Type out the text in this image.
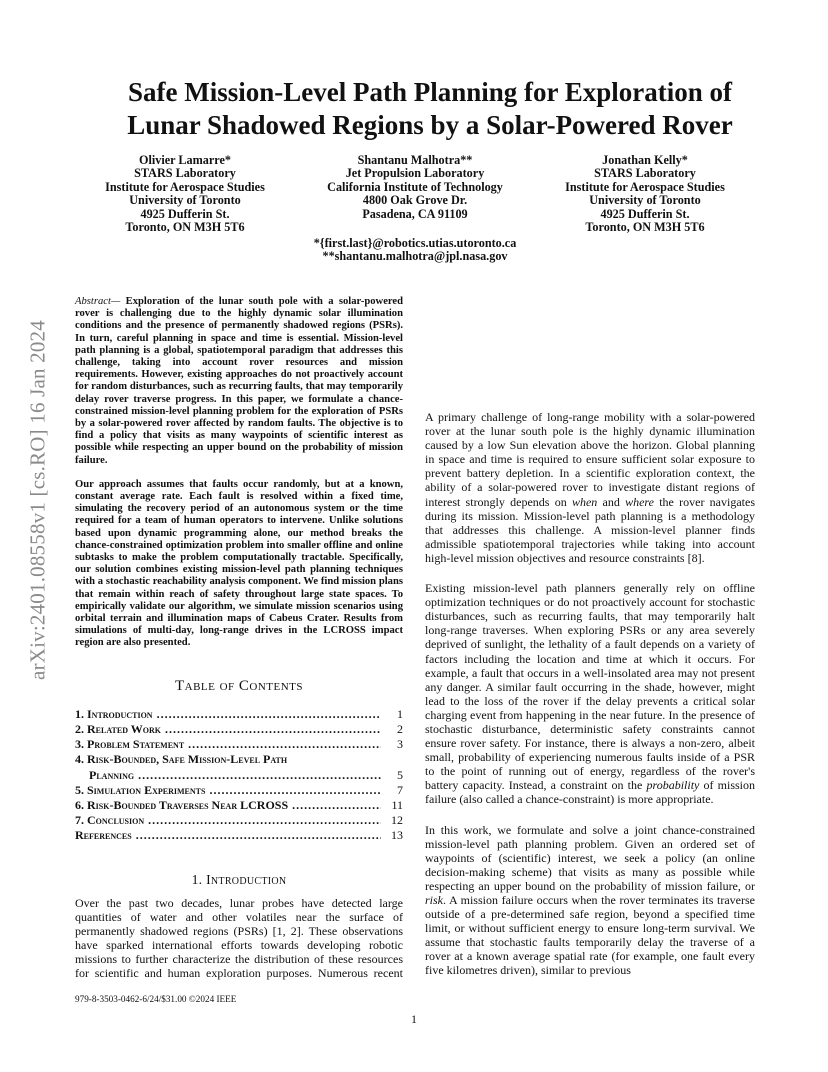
arXiv:2401.08558v1 [cs.RO] 16 Jan 2024
Safe Mission-Level Path Planning for Exploration of
Lunar Shadowed Regions by a Solar-Powered Rover
Olivier Lamarre*
STARS Laboratory
Institute for Aerospace Studies
University of Toronto
4925 Dufferin St.
Toronto, ON M3H 5T6
Shantanu Malhotra**
Jet Propulsion Laboratory
California Institute of Technology
4800 Oak Grove Dr.
Pasadena, CA 91109
Jonathan Kelly*
STARS Laboratory
Institute for Aerospace Studies
University of Toronto
4925 Dufferin St.
Toronto, ON M3H 5T6
*{first.last}@robotics.utias.utoronto.ca
**shantanu.malhotra@jpl.nasa.gov

Abstract— Exploration of the lunar south pole with a solar-powered rover is challenging due to the highly dynamic solar illumination conditions and the presence of permanently shadowed regions (PSRs). In turn, careful planning in space and time is essential. Mission-level path planning is a global, spatiotemporal paradigm that addresses this challenge, taking into account rover resources and mission requirements. However, existing approaches do not proactively account for random disturbances, such as recurring faults, that may temporarily delay rover traverse progress. In this paper, we formulate a chance-constrained mission-level planning problem for the exploration of PSRs by a solar-powered rover affected by random faults. The objective is to find a policy that visits as many waypoints of scientific interest as possible while respecting an upper bound on the probability of mission failure.

Our approach assumes that faults occur randomly, but at a known, constant average rate. Each fault is resolved within a fixed time, simulating the recovery period of an autonomous system or the time required for a team of human operators to intervene. Unlike solutions based upon dynamic programming alone, our method breaks the chance-constrained optimization problem into smaller offline and online subtasks to make the problem computationally tractable. Specifically, our solution combines existing mission-level path planning techniques with a stochastic reachability analysis component. We find mission plans that remain within reach of safety throughout large state spaces. To empirically validate our algorithm, we simulate mission scenarios using orbital terrain and illumination maps of Cabeus Crater. Results from simulations of multi-day, long-range drives in the LCROSS impact region are also presented.

Table of Contents
1. Introduction .....	1
2. Related Work .....	2
3. Problem Statement .....	3
4. Risk-Bounded, Safe Mission-Level Path
Planning .....	5
5. Simulation Experiments .....	7
6. Risk-Bounded Traverses Near LCROSS .....	11
7. Conclusion .....	12
References .....	13
1. Introduction

Over the past two decades, lunar probes have detected large quantities of water and other volatiles near the surface of permanently shadowed regions (PSRs) [1, 2]. These observations have sparked international efforts towards developing robotic missions to further characterize the distribution of these resources for scientific and human exploration purposes. Numerous recent

A primary challenge of long-range mobility with a solar-powered rover at the lunar south pole is the highly dynamic illumination caused by a low Sun elevation above the horizon. Global planning in space and time is required to ensure sufficient solar exposure to prevent battery depletion. In a scientific exploration context, the ability of a solar-powered rover to investigate distant regions of interest strongly depends on when and where the rover navigates during its mission. Mission-level path planning is a methodology that addresses this challenge. A mission-level planner finds admissible spatiotemporal trajectories while taking into account high-level mission objectives and resource constraints [8].

Existing mission-level path planners generally rely on offline optimization techniques or do not proactively account for stochastic disturbances, such as recurring faults, that may temporarily halt long-range traverses. When exploring PSRs or any area severely deprived of sunlight, the lethality of a fault depends on a variety of factors including the location and time at which it occurs. For example, a fault that occurs in a well-insolated area may not present any danger. A similar fault occurring in the shade, however, might lead to the loss of the rover if the delay prevents a critical solar charging event from happening in the near future. In the presence of stochastic disturbance, deterministic safety constraints cannot ensure rover safety. For instance, there is always a non-zero, albeit small, probability of experiencing numerous faults inside of a PSR to the point of running out of energy, regardless of the rover's battery capacity. Instead, a constraint on the probability of mission failure (also called a chance-constraint) is more appropriate.

In this work, we formulate and solve a joint chance-constrained mission-level path planning problem. Given an ordered set of waypoints of (scientific) interest, we seek a policy (an online decision-making scheme) that visits as many as possible while respecting an upper bound on the probability of mission failure, or risk. A mission failure occurs when the rover terminates its traverse outside of a pre-determined safe region, beyond a specified time limit, or without sufficient energy to ensure long-term survival. We assume that stochastic faults temporarily delay the traverse of a rover at a known average spatial rate (for example, one fault every five kilometres driven), similar to previous

979-8-3503-0462-6/24/$31.00 ©2024 IEEE
1
